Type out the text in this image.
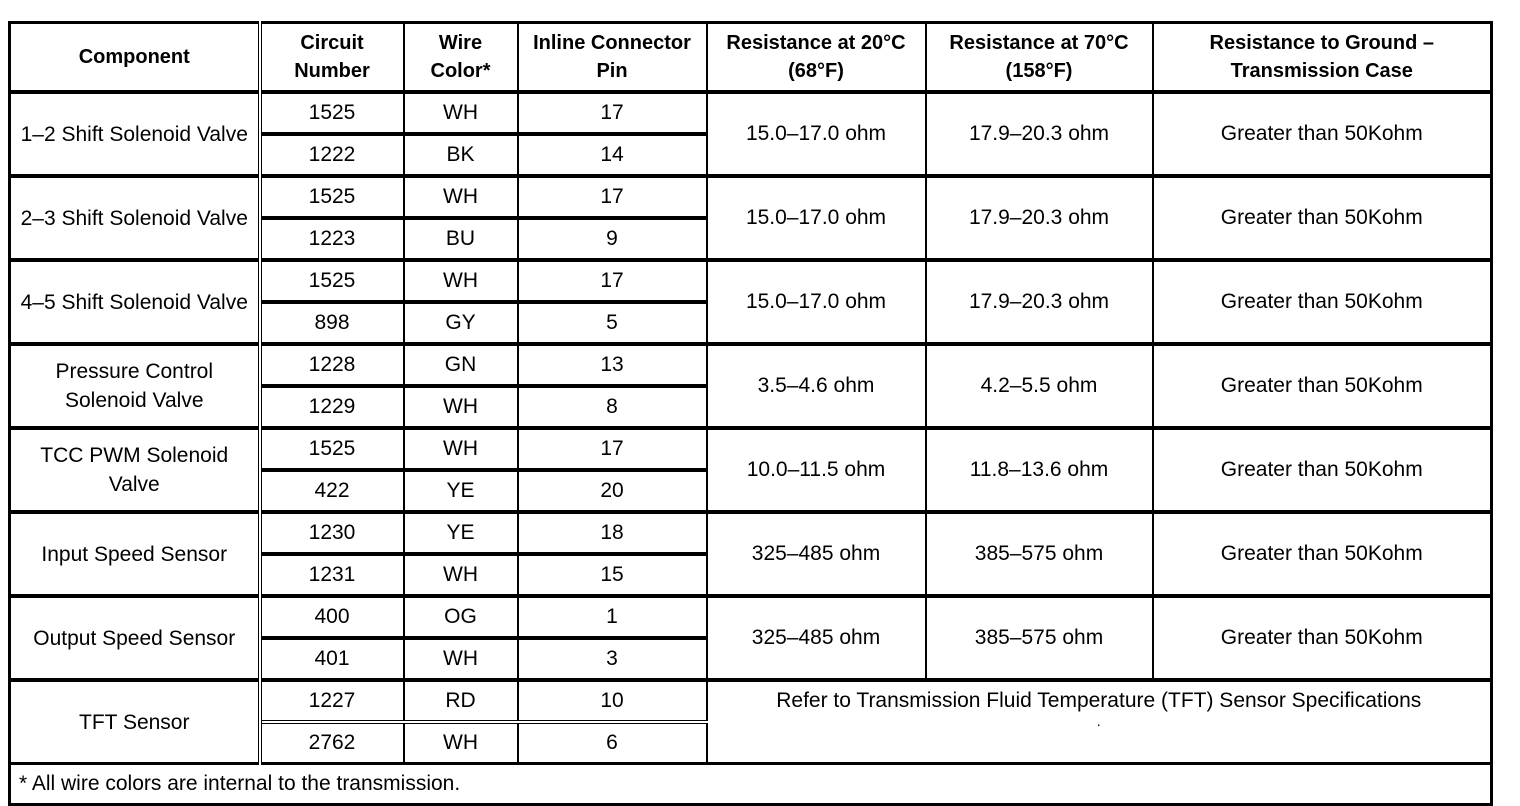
Component	Circuit Number	Wire Color*	Inline Connector Pin	Resistance at 20°C (68°F)	Resistance at 70°C (158°F)	Resistance to Ground – Transmission Case
1–2 Shift Solenoid Valve	1525	WH	17	15.0–17.0 ohm	17.9–20.3 ohm	Greater than 50Kohm
	1222	BK	14			
2–3 Shift Solenoid Valve	1525	WH	17	15.0–17.0 ohm	17.9–20.3 ohm	Greater than 50Kohm
	1223	BU	9			
4–5 Shift Solenoid Valve	1525	WH	17	15.0–17.0 ohm	17.9–20.3 ohm	Greater than 50Kohm
	898	GY	5			
Pressure Control Solenoid Valve	1228	GN	13	3.5–4.6 ohm	4.2–5.5 ohm	Greater than 50Kohm
	1229	WH	8			
TCC PWM Solenoid Valve	1525	WH	17	10.0–11.5 ohm	11.8–13.6 ohm	Greater than 50Kohm
	422	YE	20			
Input Speed Sensor	1230	YE	18	325–485 ohm	385–575 ohm	Greater than 50Kohm
	1231	WH	15			
Output Speed Sensor	400	OG	1	325–485 ohm	385–575 ohm	Greater than 50Kohm
	401	WH	3			
TFT Sensor	1227	RD	10	Refer to Transmission Fluid Temperature (TFT) Sensor Specifications
.		

	2762	WH	6			
* All wire colors are internal to the transmission.						
